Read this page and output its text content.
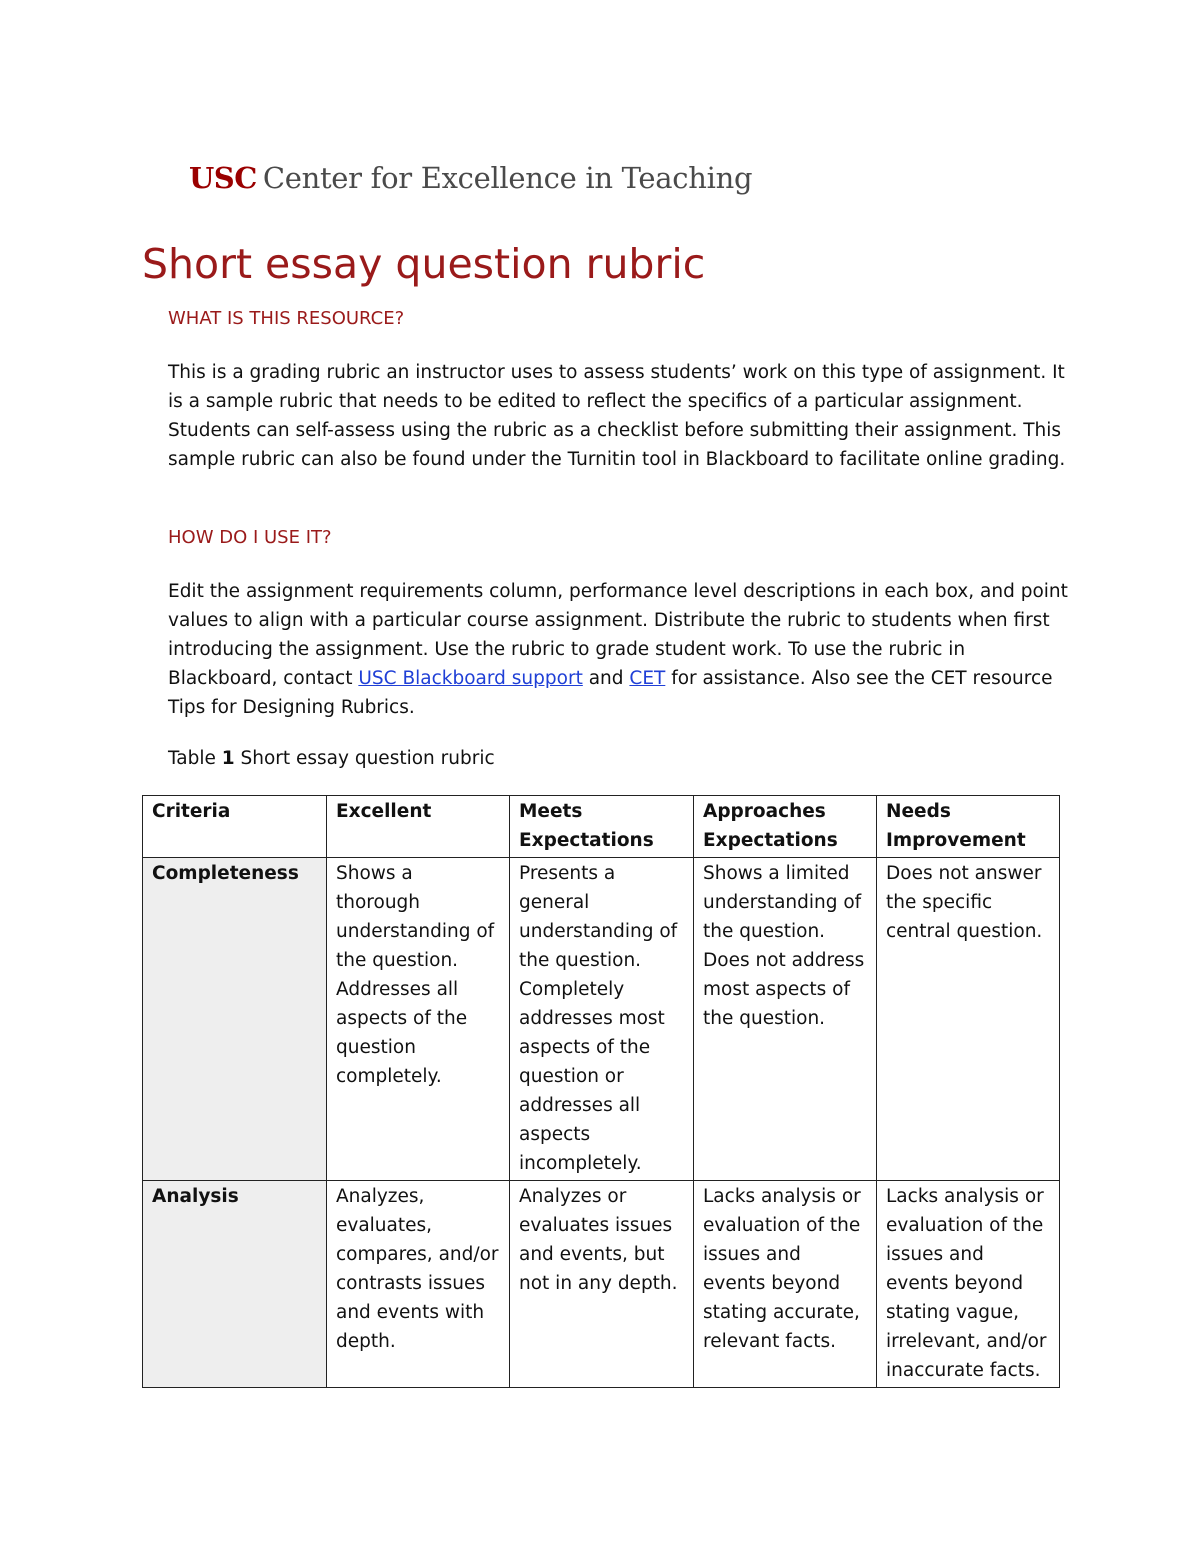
USC Center for Excellence in Teaching
Short essay question rubric
WHAT IS THIS RESOURCE?

This is a grading rubric an instructor uses to assess students’ work on this type of assignment. It is a sample rubric that needs to be edited to reflect the specifics of a particular assignment. Students can self-assess using the rubric as a checklist before submitting their assignment. This sample rubric can also be found under the Turnitin tool in Blackboard to facilitate online grading.

HOW DO I USE IT?

Edit the assignment requirements column, performance level descriptions in each box, and point values to align with a particular course assignment. Distribute the rubric to students when first introducing the assignment. Use the rubric to grade student work. To use the rubric in Blackboard, contact USC Blackboard support and CET for assistance. Also see the CET resource Tips for Designing Rubrics.

Table 1 Short essay question rubric

Criteria	Excellent	Meets Expectations	Approaches Expectations	Needs Improvement
Completeness	Shows a thorough understanding of the question. Addresses all aspects of the question completely.	Presents a general understanding of the question. Completely addresses most aspects of the question or addresses all aspects incompletely.	Shows a limited understanding of the question. Does not address most aspects of the question.	Does not answer the specific central question.
Analysis	Analyzes, evaluates, compares, and/or contrasts issues and events with depth.	Analyzes or evaluates issues and events, but not in any depth.	Lacks analysis or evaluation of the issues and events beyond stating accurate, relevant facts.	Lacks analysis or evaluation of the issues and events beyond stating vague, irrelevant, and/or inaccurate facts.
